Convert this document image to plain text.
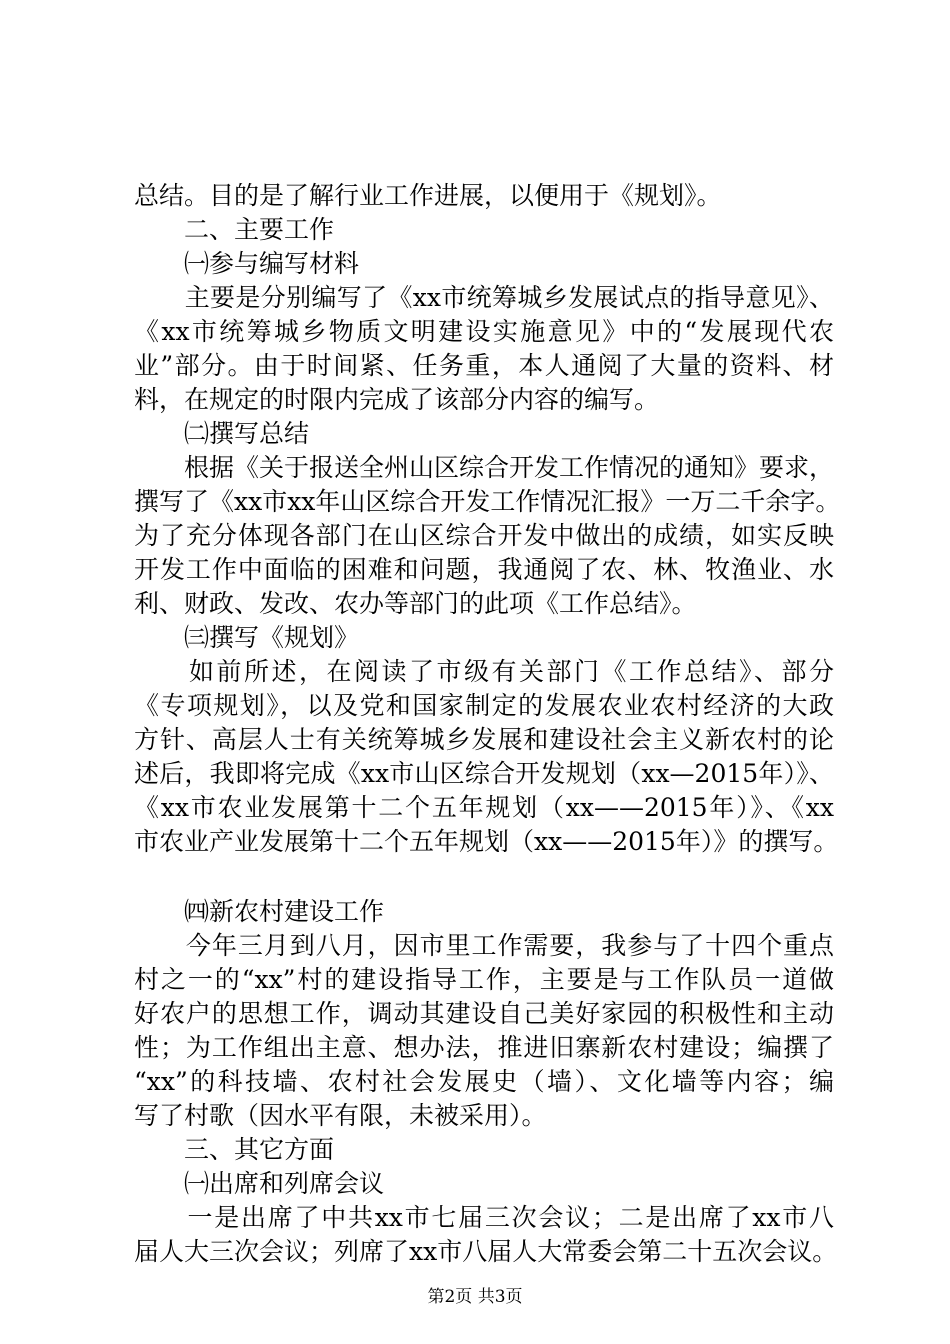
总结。目的是了解行业工作进展，以便用于《规划》。
　　二、主要工作
　　㈠参与编写材料
　　主要是分别编写了《xx市统筹城乡发展试点的指导意见》、
《xx市统筹城乡物质文明建设实施意见》中的“发展现代农
业”部分。由于时间紧、任务重，本人通阅了大量的资料、材
料，在规定的时限内完成了该部分内容的编写。
　　㈡撰写总结
　　根据《关于报送全州山区综合开发工作情况的通知》要求，
撰写了《xx市xx年山区综合开发工作情况汇报》一万二千余字。
为了充分体现各部门在山区综合开发中做出的成绩，如实反映
开发工作中面临的困难和问题，我通阅了农、林、牧渔业、水
利、财政、发改、农办等部门的此项《工作总结》。
　　㈢撰写《规划》
　　如前所述，在阅读了市级有关部门《工作总结》、部分
《专项规划》，以及党和国家制定的发展农业农村经济的大政
方针、高层人士有关统筹城乡发展和建设社会主义新农村的论
述后，我即将完成《xx市山区综合开发规划（xx—2015年）》、
《xx市农业发展第十二个五年规划（xx——2015年）》、《xx
市农业产业发展第十二个五年规划（xx——2015年）》的撰写。
　　㈣新农村建设工作
　　今年三月到八月，因市里工作需要，我参与了十四个重点
村之一的“xx”村的建设指导工作，主要是与工作队员一道做
好农户的思想工作，调动其建设自己美好家园的积极性和主动
性；为工作组出主意、想办法，推进旧寨新农村建设；编撰了
“xx”的科技墙、农村社会发展史（墙）、文化墙等内容；编
写了村歌（因水平有限，未被采用）。
　　三、其它方面
　　㈠出席和列席会议
　　一是出席了中共xx市七届三次会议；二是出席了xx市八
届人大三次会议；列席了xx市八届人大常委会第二十五次会议。
第2页 共3页
